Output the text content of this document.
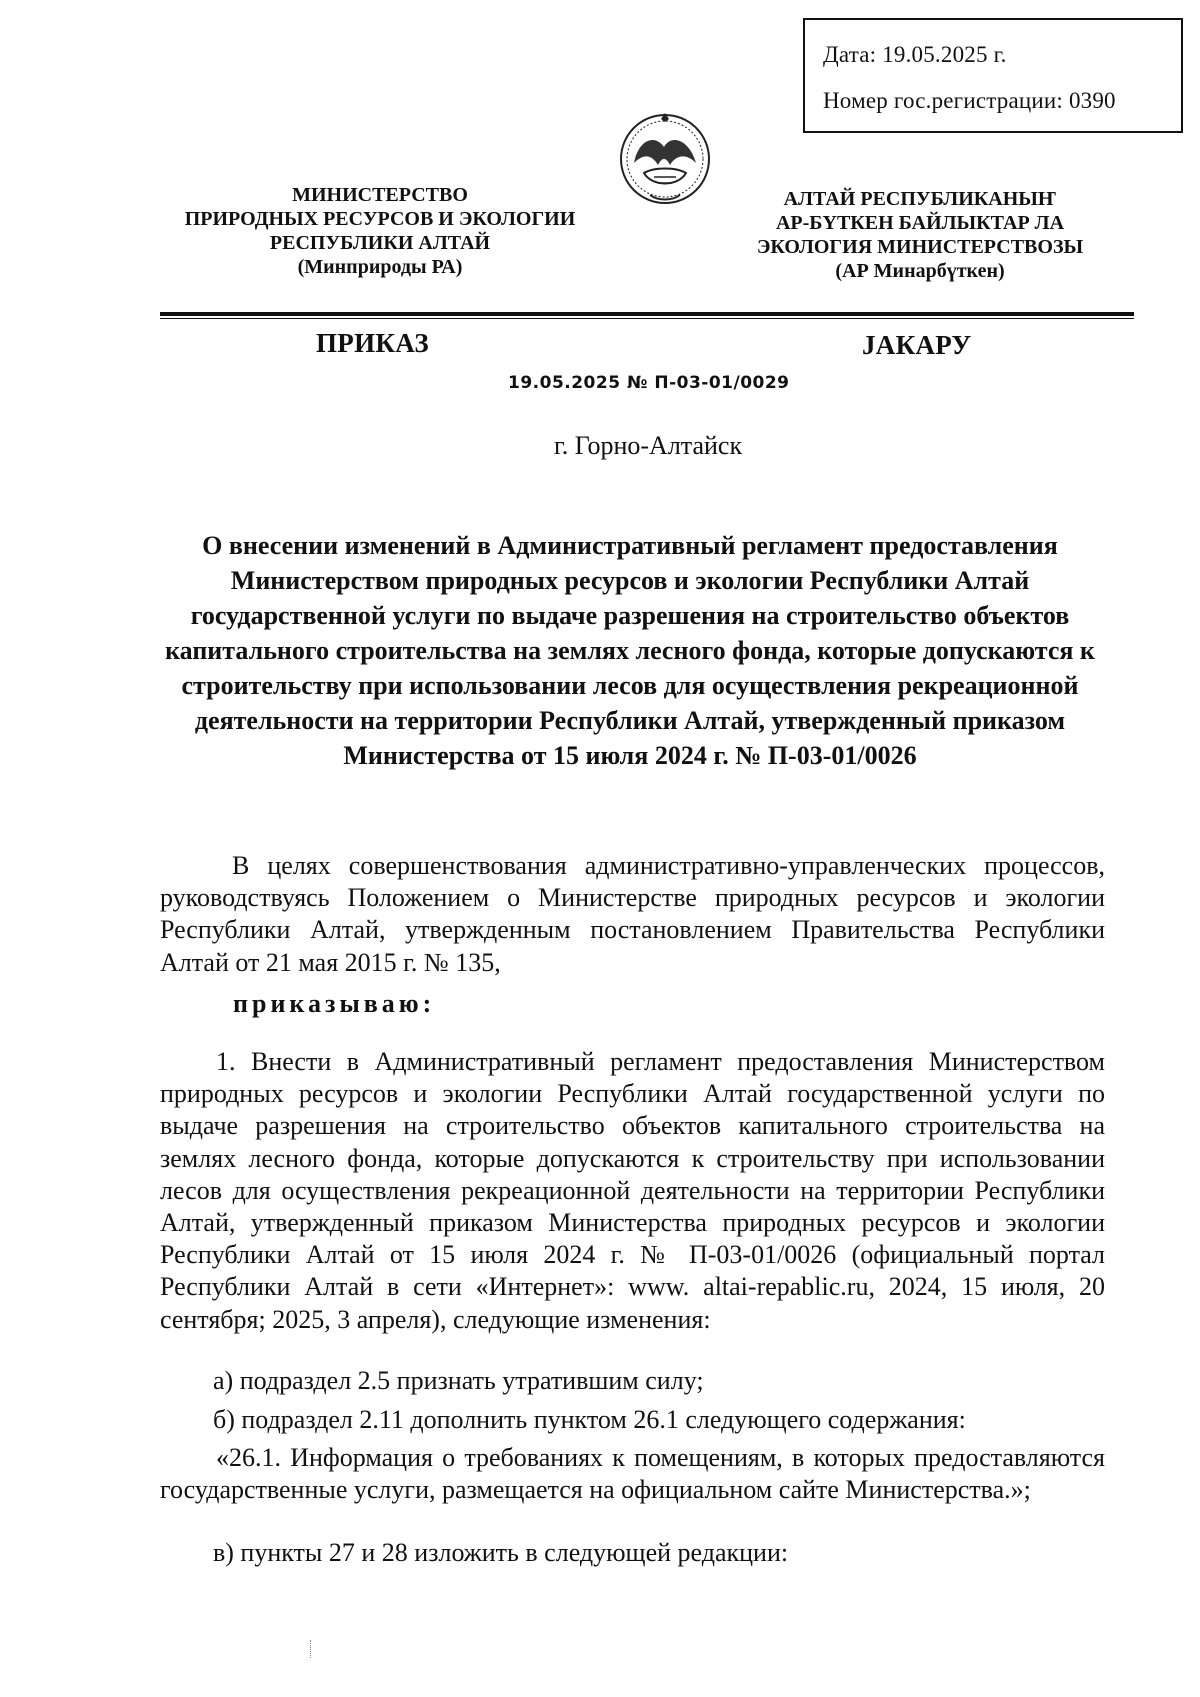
Дата: 19.05.2025 г.
Номер гос.регистрации: 0390
МИНИСТЕРСТВО
ПРИРОДНЫХ РЕСУРСОВ И ЭКОЛОГИИ
РЕСПУБЛИКИ АЛТАЙ
(Минприроды РА)
АЛТАЙ РЕСПУБЛИКАНЫҤ
АР-БҮТКЕН БАЙЛЫКТАР ЛА
ЭКОЛОГИЯ МИНИСТЕРСТВОЗЫ
(АР Минарбүткен)
ПРИКАЗ	ЈАКАРУ
19.05.2025 № П-03-01/0029
г. Горно-Алтайск
О внесении изменений в Административный регламент предоставления Министерством природных ресурсов и экологии Республики Алтай государственной услуги по выдаче разрешения на строительство объектов капитального строительства на землях лесного фонда, которые допускаются к строительству при использовании лесов для осуществления рекреационной деятельности на территории Республики Алтай, утвержденный приказом Министерства от 15 июля 2024 г. № П-03-01/0026
В целях совершенствования административно-управленческих процессов, руководствуясь Положением о Министерстве природных ресурсов и экологии Республики Алтай, утвержденным постановлением Правительства Республики Алтай от 21 мая 2015 г. № 135,
приказываю:
1. Внести в Административный регламент предоставления Министерством природных ресурсов и экологии Республики Алтай государственной услуги по выдаче разрешения на строительство объектов капитального строительства на землях лесного фонда, которые допускаются к строительству при использовании лесов для осуществления рекреационной деятельности на территории Республики Алтай, утвержденный приказом Министерства природных ресурсов и экологии Республики Алтай от 15 июля 2024 г. № П-03-01/0026 (официальный портал Республики Алтай в сети «Интернет»: www. altai-repablic.ru, 2024, 15 июля, 20 сентября; 2025, 3 апреля), следующие изменения:
а) подраздел 2.5 признать утратившим силу;
б) подраздел 2.11 дополнить пунктом 26.1 следующего содержания:
«26.1. Информация о требованиях к помещениям, в которых предоставляются государственные услуги, размещается на официальном сайте Министерства.»;
в) пункты 27 и 28 изложить в следующей редакции:
